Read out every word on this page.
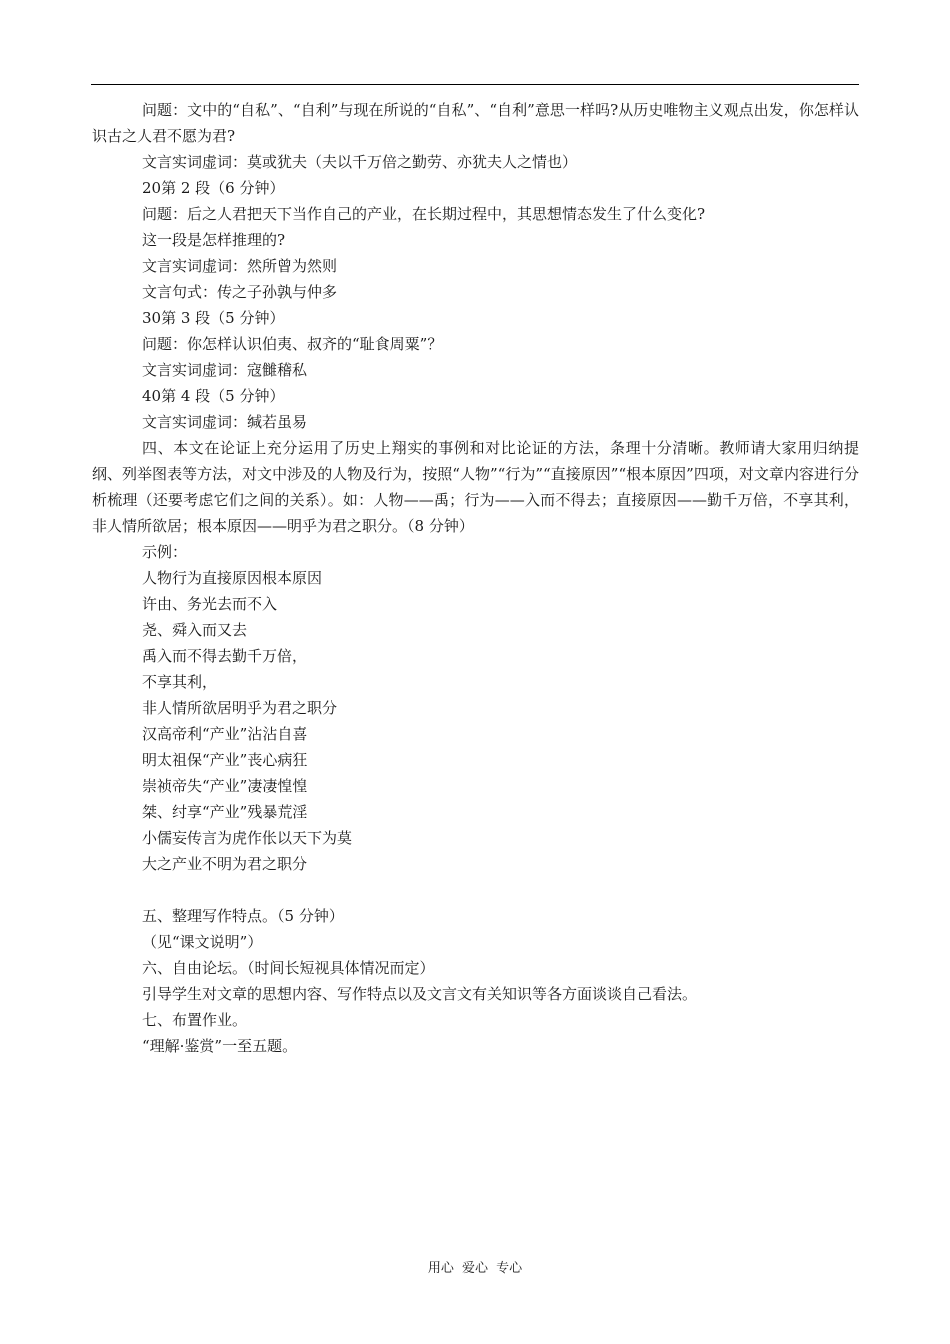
问题：文中的“自私”、“自利”与现在所说的“自私”、“自利”意思一样吗?从历史唯物主义观点出发，你怎样认识古之人君不愿为君?

文言实词虚词：莫或犹夫（夫以千万倍之勤劳、亦犹夫人之情也）

20第 2 段（6 分钟）

问题：后之人君把天下当作自己的产业，在长期过程中，其思想情态发生了什么变化?

这一段是怎样推理的?

文言实词虚词：然所曾为然则

文言句式：传之子孙孰与仲多

30第 3 段（5 分钟）

问题：你怎样认识伯夷、叔齐的“耻食周粟”？

文言实词虚词：寇雠稽私

40第 4 段（5 分钟）

文言实词虚词：缄若虽易

四、本文在论证上充分运用了历史上翔实的事例和对比论证的方法，条理十分清晰。教师请大家用归纳提纲、列举图表等方法，对文中涉及的人物及行为，按照“人物”“行为”“直接原因”“根本原因”四项，对文章内容进行分析梳理（还要考虑它们之间的关系）。如：人物——禹；行为——入而不得去；直接原因——勤千万倍，不享其利，非人情所欲居；根本原因——明乎为君之职分。（8 分钟）

示例：

人物行为直接原因根本原因

许由、务光去而不入

尧、舜入而又去

禹入而不得去勤千万倍，

不享其利，

非人情所欲居明乎为君之职分

汉高帝利“产业”沾沾自喜

明太祖保“产业”丧心病狂

崇祯帝失“产业”凄凄惶惶

桀、纣享“产业”残暴荒淫

小儒妄传言为虎作伥以天下为莫

大之产业不明为君之职分

五、整理写作特点。（5 分钟）

（见“课文说明”）

六、自由论坛。（时间长短视具体情况而定）

引导学生对文章的思想内容、写作特点以及文言文有关知识等各方面谈谈自己看法。

七、布置作业。

“理解·鉴赏”一至五题。

用心 爱心 专心
